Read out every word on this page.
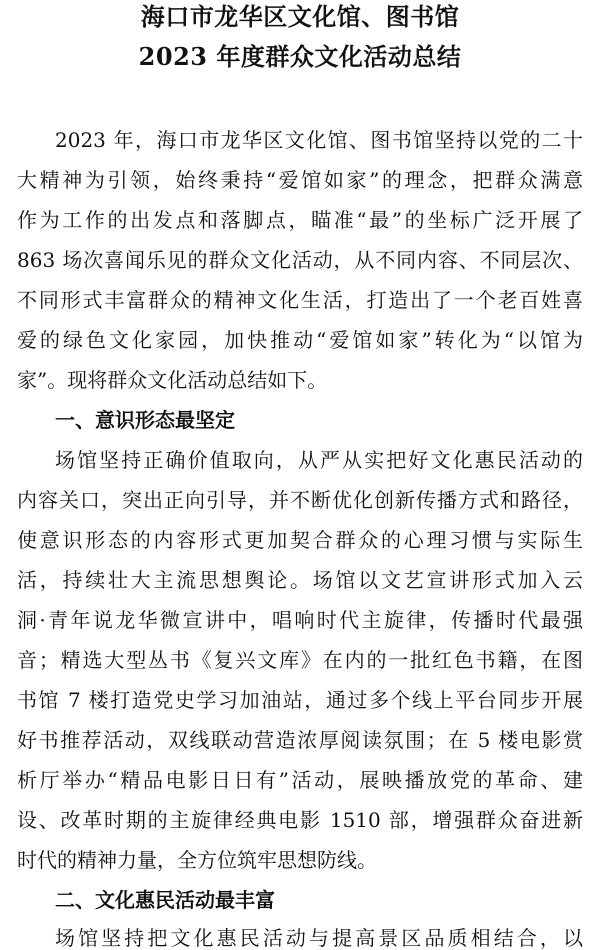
海口市龙华区文化馆、图书馆
2023 年度群众文化活动总结
2023 年，海口市龙华区文化馆、图书馆坚持以党的二十
大精神为引领，始终秉持“爱馆如家”的理念，把群众满意
作为工作的出发点和落脚点，瞄准“最”的坐标广泛开展了
863 场次喜闻乐见的群众文化活动，从不同内容、不同层次、
不同形式丰富群众的精神文化生活，打造出了一个老百姓喜
爱的绿色文化家园，加快推动“爱馆如家”转化为“以馆为
家”。现将群众文化活动总结如下。
一、意识形态最坚定
场馆坚持正确价值取向，从严从实把好文化惠民活动的
内容关口，突出正向引导，并不断优化创新传播方式和路径，
使意识形态的内容形式更加契合群众的心理习惯与实际生
活，持续壮大主流思想舆论。场馆以文艺宣讲形式加入云
洞·青年说龙华微宣讲中，唱响时代主旋律，传播时代最强
音；精选大型丛书《复兴文库》在内的一批红色书籍，在图
书馆 7 楼打造党史学习加油站，通过多个线上平台同步开展
好书推荐活动，双线联动营造浓厚阅读氛围；在 5 楼电影赏
析厅举办“精品电影日日有”活动，展映播放党的革命、建
设、改革时期的主旋律经典电影 1510 部，增强群众奋进新
时代的精神力量，全方位筑牢思想防线。
二、文化惠民活动最丰富
场馆坚持把文化惠民活动与提高景区品质相结合，以
